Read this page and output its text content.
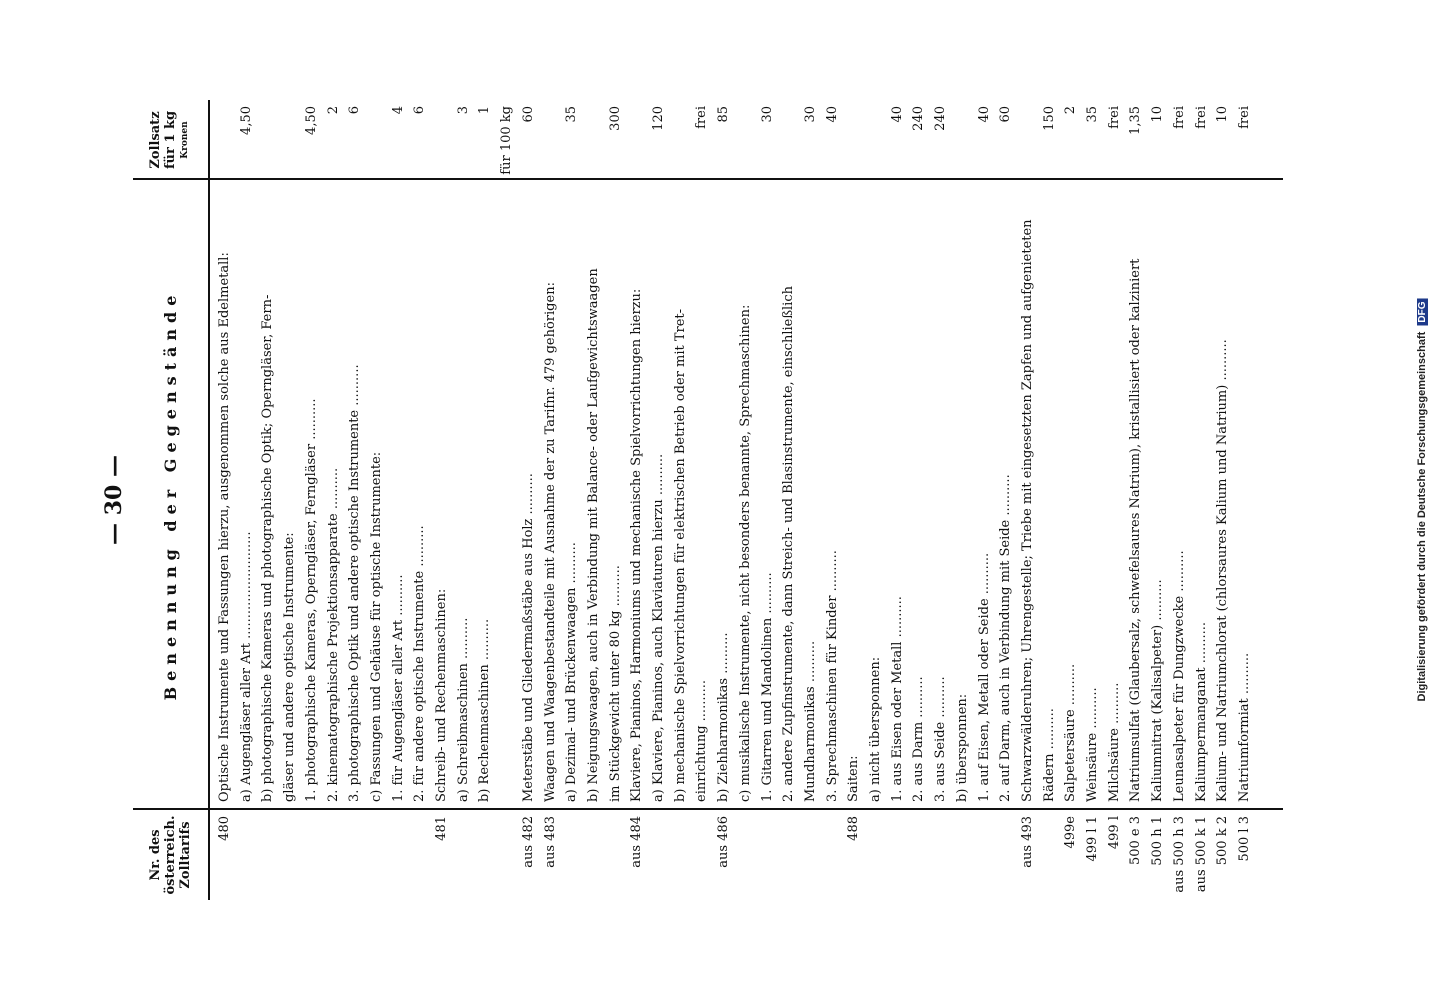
Digitalisierung gefördert durch die Deutsche Forschungsgemeinschaft DFG
— 30 —
Nr. des österreich. Zolltarifs
Benennung der Gegenstände
Zollsatz für 1 kg Kronen
480
Optische Instrumente und Fassungen hierzu, ausgenommen solche aus Edelmetall: a) Augengläser aller Art ..........................
4,50
b) photographische Kameras und photographische Optik; Operngläser, Fern- gläser und andere optische Instrumente: 1. photographische Kameras, Operngläser, Ferngläser ..........
4,50
2. kinematographische Projektionsapparate ..........
2
3. photographische Optik und andere optische Instrumente ..........
6
c) Fassungen und Gehäuse für optische Instrumente: 1. für Augengläser aller Art ..........
4
2. für andere optische Instrumente ..........
6
481
Schreib- und Rechenmaschinen: a) Schreibmaschinen ..........
3
b) Rechenmaschinen ..........
1 für 100 kg
aus 482
Meterstäbe und Gliedermaßstäbe aus Holz ..........
60
aus 483
Waagen und Waagenbestandteile mit Ausnahme der zu Tarifnr. 479 gehörigen: a) Dezimal- und Brückenwaagen ..........
35
b) Neigungswaagen, auch in Verbindung mit Balance- oder Laufgewichtswaagen im Stückgewicht unter 80 kg ..........
300
aus 484
Klaviere, Pianinos, Harmoniums und mechanische Spielvorrichtungen hierzu: a) Klaviere, Pianinos, auch Klaviaturen hierzu ..........
120
b) mechanische Spielvorrichtungen für elektrischen Betrieb oder mit Tret- einrichtung ..........
frei
aus 486
b) Ziehharmonikas ..........
85
c) musikalische Instrumente, nicht besonders benannte, Sprechmaschinen: 1. Gitarren und Mandolinen ..........
30
2. andere Zupfinstrumente, dann Streich- und Blasinstrumente, einschließlich Mundharmonikas ..........
30
3. Sprechmaschinen für Kinder ..........
40
488
Saiten: a) nicht übersponnen: 1. aus Eisen oder Metall ..........
40
2. aus Darm ..........
240
3. aus Seide ..........
240
b) übersponnen: 1. auf Eisen, Metall oder Seide ..........
40
2. auf Darm, auch in Verbindung mit Seide ..........
60
aus 493
Schwarzwälderuhren; Uhrengestelle; Triebe mit eingesetzten Zapfen und aufgenieteten Rädern ..........
150
499e
Salpetersäure ..........
2
499 l 1
Weinsäure ..........
35
499 l
Milchsäure ..........
frei
500 e 3
Natriumsulfat (Glaubersalz, schwefelsaures Natrium), kristallisiert oder kalziniert
1,35
500 h 1
Kaliumnitrat (Kalisalpeter) ..........
10
aus 500 h 3
Leunasalpeter für Dungzwecke ..........
frei
aus 500 k 1
Kaliumpermanganat ..........
frei
500 k 2
Kalium- und Natriumchlorat (chlorsaures Kalium und Natrium) ..........
10
500 l 3
Natriumformiat ..........
frei
